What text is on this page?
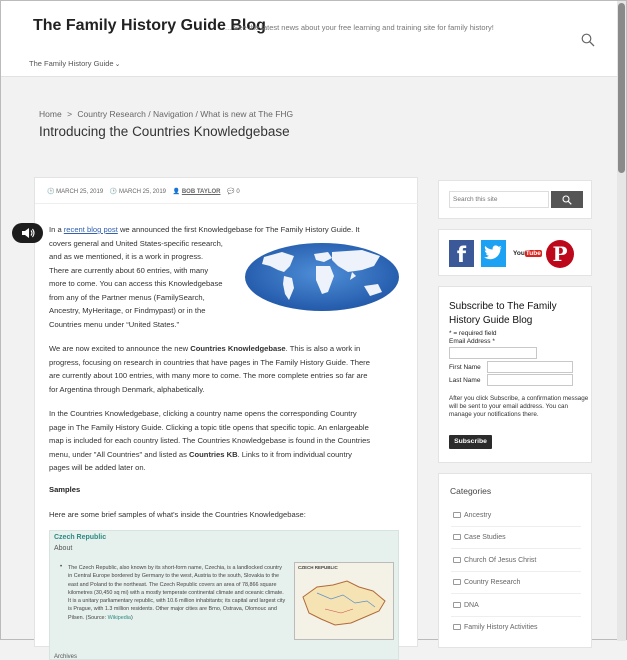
The Family History Guide Blog
... See the latest news about your free learning and training site for family history!
The Family History Guide⌄
Home > Country Research / Navigation / What is new at The FHG
Introducing the Countries Knowledgebase
🕒 MARCH 25, 2019 🕒 MARCH 25, 2019 👤 BOB TAYLOR 💬 0
In a recent blog post we announced the first Knowledgebase for The Family History Guide. It
covers general and United States-specific research,
and as we mentioned, it is a work in progress.
There are currently about 60 entries, with many
more to come. You can access this Knowledgebase
from any of the Partner menus (FamilySearch,
Ancestry, MyHeritage, or Findmypast) or in the
Countries menu under “United States.”
We are now excited to announce the new Countries Knowledgebase. This is also a work in
progress, focusing on research in countries that have pages in The Family History Guide. There
are currently about 100 entries, with many more to come. The more complete entries so far are
for Argentina through Denmark, alphabetically.
In the Countries Knowledgebase, clicking a country name opens the corresponding Country
page in The Family History Guide. Clicking a topic title opens that specific topic. An enlargeable
map is included for each country listed. The Countries Knowledgebase is found in the Countries
menu, under "All Countries" and listed as Countries KB. Links to it from individual country
pages will be added later on.
Samples
Here are some brief samples of what's inside the Countries Knowledgebase:
Czech Republic
About
• The Czech Republic, also known by its short-form name, Czechia, is a landlocked country in Central Europe bordered by Germany to the west, Austria to the south, Slovakia to the east and Poland to the northeast. The Czech Republic covers an area of 78,866 square kilometres (30,450 sq mi) with a mostly temperate continental climate and oceanic climate. It is a unitary parliamentary republic, with 10.6 million inhabitants; its capital and largest city is Prague, with 1.3 million residents. Other major cities are Brno, Ostrava, Olomouc and Pilsen. (Source: Wikipedia)
CZECH REPUBLIC
Archives
Search this site
f	YouTube P
Subscribe to The Family History Guide Blog
* = required field
Email Address *
First Name
Last Name
After you click Subscribe, a confirmation message will be sent to your email address. You can manage your notifications there.
Subscribe
Categories
Ancestry
Case Studies
Church Of Jesus Christ
Country Research
DNA
Family History Activities
